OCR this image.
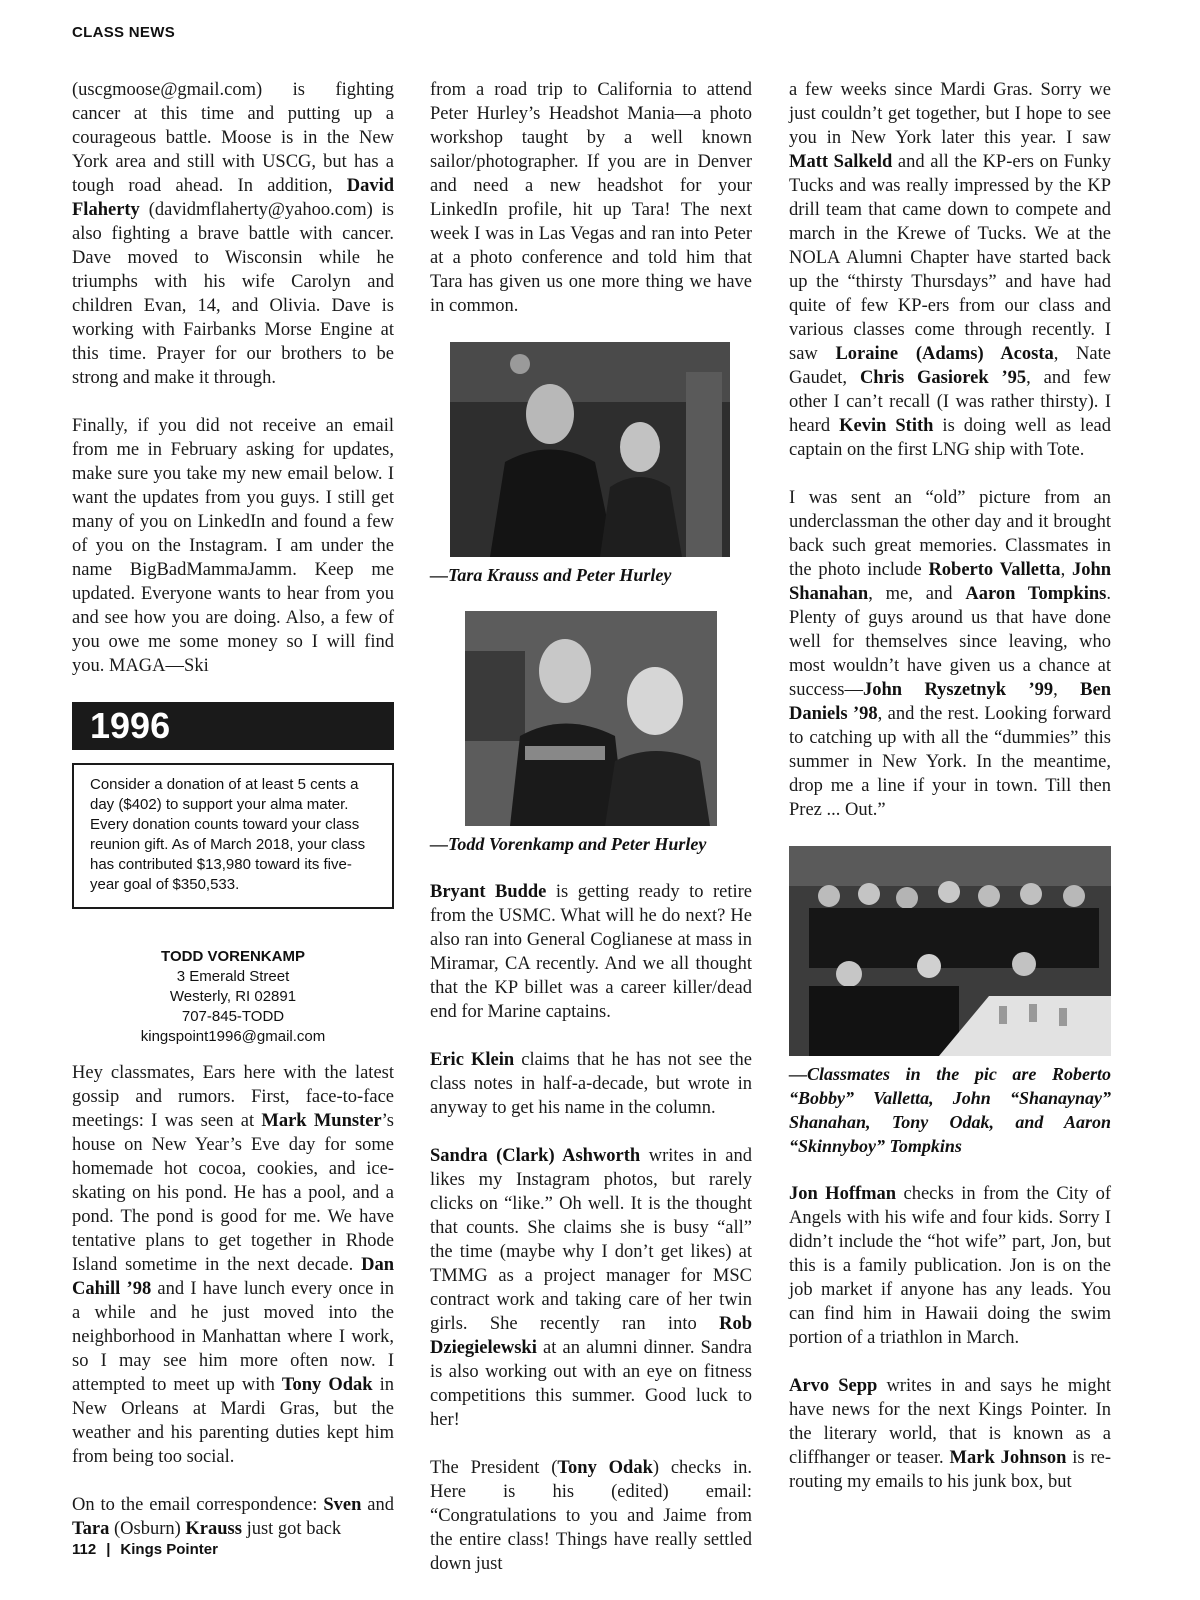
CLASS NEWS

(uscgmoose@gmail.com) is fighting cancer at this time and putting up a courageous battle. Moose is in the New York area and still with USCG, but has a tough road ahead. In addition, David Flaherty (davidmflaherty@yahoo.com) is also fighting a brave battle with cancer. Dave moved to Wisconsin while he triumphs with his wife Carolyn and children Evan, 14, and Olivia. Dave is working with Fairbanks Morse Engine at this time. Prayer for our brothers to be strong and make it through.

Finally, if you did not receive an email from me in February asking for updates, make sure you take my new email below. I want the updates from you guys. I still get many of you on LinkedIn and found a few of you on the Instagram. I am under the name BigBadMammaJamm. Keep me updated. Everyone wants to hear from you and see how you are doing. Also, a few of you owe me some money so I will find you. MAGA—Ski

1996
Consider a donation of at least 5 cents a day ($402) to support your alma mater. Every donation counts toward your class reunion gift. As of March 2018, your class has contributed $13,980 toward its five-year goal of $350,533.
TODD VORENKAMP
3 Emerald Street
Westerly, RI 02891
707-845-TODD
kingspoint1996@gmail.com

Hey classmates, Ears here with the latest gossip and rumors. First, face-to-face meetings: I was seen at Mark Munster’s house on New Year’s Eve day for some homemade hot cocoa, cookies, and ice-skating on his pond. He has a pool, and a pond. The pond is good for me. We have tentative plans to get together in Rhode Island sometime in the next decade. Dan Cahill ’98 and I have lunch every once in a while and he just moved into the neighborhood in Manhattan where I work, so I may see him more often now. I attempted to meet up with Tony Odak in New Orleans at Mardi Gras, but the weather and his parenting duties kept him from being too social.

On to the email correspondence: Sven and Tara (Osburn) Krauss just got back

from a road trip to California to attend Peter Hurley’s Headshot Mania—a photo workshop taught by a well known sailor/photographer. If you are in Denver and need a new headshot for your LinkedIn profile, hit up Tara! The next week I was in Las Vegas and ran into Peter at a photo conference and told him that Tara has given us one more thing we have in common.

—Tara Krauss and Peter Hurley
—Todd Vorenkamp and Peter Hurley

Bryant Budde is getting ready to retire from the USMC. What will he do next? He also ran into General Coglianese at mass in Miramar, CA recently. And we all thought that the KP billet was a career killer/dead end for Marine captains.

Eric Klein claims that he has not see the class notes in half-a-decade, but wrote in anyway to get his name in the column.

Sandra (Clark) Ashworth writes in and likes my Instagram photos, but rarely clicks on “like.” Oh well. It is the thought that counts. She claims she is busy “all” the time (maybe why I don’t get likes) at TMMG as a project manager for MSC contract work and taking care of her twin girls. She recently ran into Rob Dziegielewski at an alumni dinner. Sandra is also working out with an eye on fitness competitions this summer. Good luck to her!

The President (Tony Odak) checks in. Here is his (edited) email: “Congratulations to you and Jaime from the entire class! Things have really settled down just

a few weeks since Mardi Gras. Sorry we just couldn’t get together, but I hope to see you in New York later this year. I saw Matt Salkeld and all the KP-ers on Funky Tucks and was really impressed by the KP drill team that came down to compete and march in the Krewe of Tucks. We at the NOLA Alumni Chapter have started back up the “thirsty Thursdays” and have had quite of few KP-ers from our class and various classes come through recently. I saw Loraine (Adams) Acosta, Nate Gaudet, Chris Gasiorek ’95, and few other I can’t recall (I was rather thirsty). I heard Kevin Stith is doing well as lead captain on the first LNG ship with Tote.

I was sent an “old” picture from an underclassman the other day and it brought back such great memories. Classmates in the photo include Roberto Valletta, John Shanahan, me, and Aaron Tompkins. Plenty of guys around us that have done well for themselves since leaving, who most wouldn’t have given us a chance at success—John Ryszetnyk ’99, Ben Daniels ’98, and the rest. Looking forward to catching up with all the “dummies” this summer in New York. In the meantime, drop me a line if your in town. Till then Prez ... Out.”

—Classmates in the pic are Roberto “Bobby” Valletta, John “Shanaynay” Shanahan, Tony Odak, and Aaron “Skinnyboy” Tompkins

Jon Hoffman checks in from the City of Angels with his wife and four kids. Sorry I didn’t include the “hot wife” part, Jon, but this is a family publication. Jon is on the job market if anyone has any leads. You can find him in Hawaii doing the swim portion of a triathlon in March.

Arvo Sepp writes in and says he might have news for the next Kings Pointer. In the literary world, that is known as a cliffhanger or teaser. Mark Johnson is re-routing my emails to his junk box, but

112 | Kings Pointer
